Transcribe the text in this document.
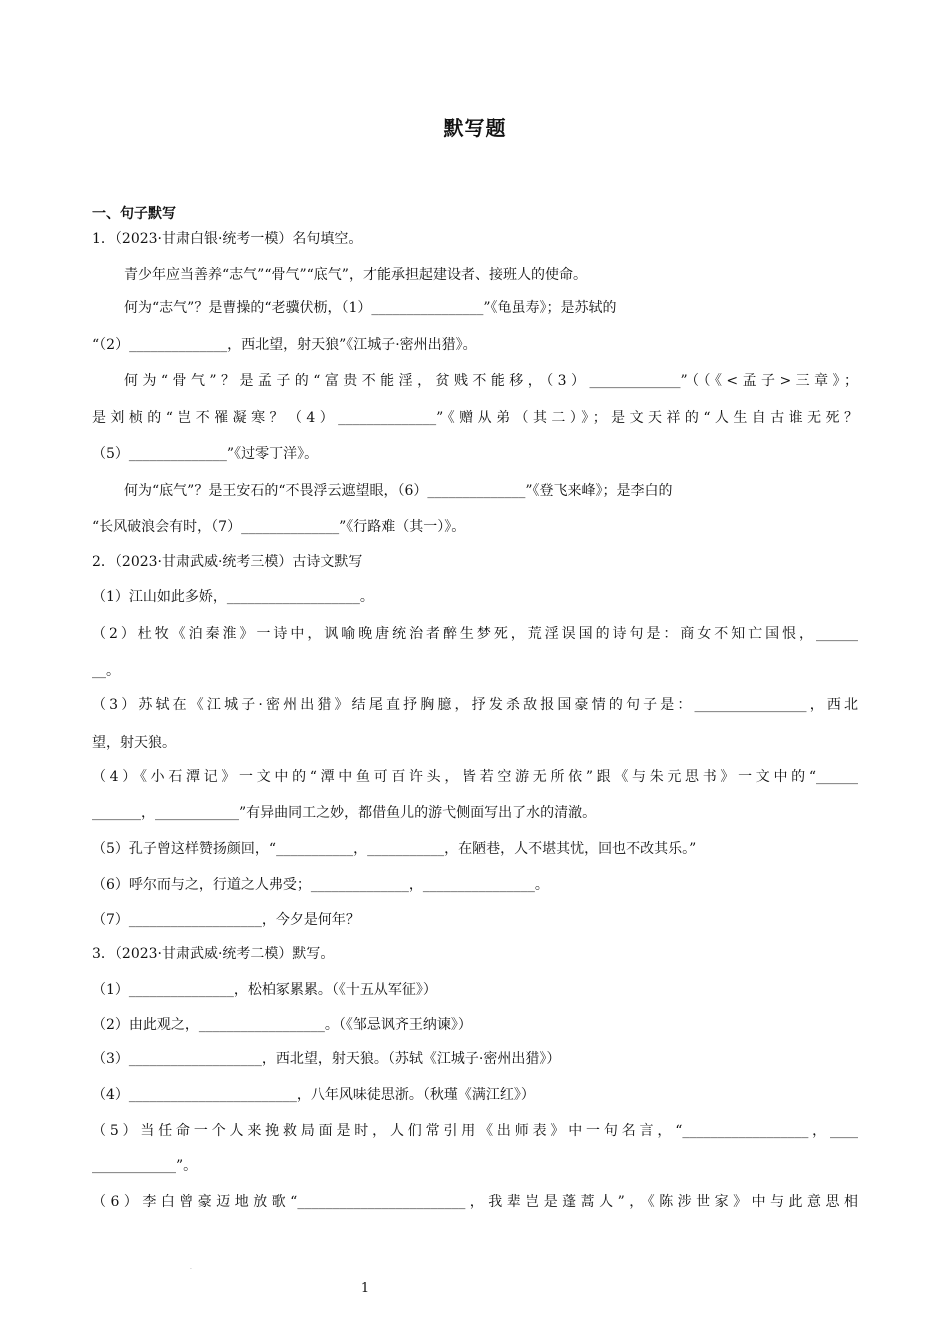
默写题
一、句子默写
1．（2023·甘肃白银·统考一模）名句填空。
青少年应当善养“志气”“骨气”“底气”，才能承担起建设者、接班人的使命。
何为“志气”？是曹操的“老骥伏枥，（1）________________”《龟虽寿》；是苏轼的
“（2）______________，西北望，射天狼”《江城子·密州出猎》。
何为“骨气”？是孟子的“富贵不能淫，贫贱不能移，（3）_____________”（（《<孟子>三章》；
是刘桢的“岂不罹凝寒？（4）______________”《赠从弟（其二）》；是文天祥的“人生自古谁无死？
（5）______________”《过零丁洋》。
何为“底气”？是王安石的“不畏浮云遮望眼，（6）______________”《登飞来峰》；是李白的
“长风破浪会有时，（7）______________”《行路难（其一）》。
2．（2023·甘肃武威·统考三模）古诗文默写
（1）江山如此多娇，___________________。
（2）杜牧《泊秦淮》一诗中，讽喻晚唐统治者醉生梦死，荒淫误国的诗句是：商女不知亡国恨，______
__。
（3）苏轼在《江城子·密州出猎》结尾直抒胸臆，抒发杀敌报国豪情的句子是：________________，西北
望，射天狼。
（4）《小石潭记》一文中的“潭中鱼可百许头，皆若空游无所依”跟《与朱元思书》一文中的“______
_______，____________”有异曲同工之妙，都借鱼儿的游弋侧面写出了水的清澈。
（5）孔子曾这样赞扬颜回，“___________，___________，在陋巷，人不堪其忧，回也不改其乐。”
（6）呼尔而与之，行道之人弗受；______________，________________。
（7）___________________，今夕是何年？
3．（2023·甘肃武威·统考二模）默写。
（1）_______________，松柏冢累累。（《十五从军征》）
（2）由此观之，__________________。（《邹忌讽齐王纳谏》）
（3）___________________，西北望，射天狼。（苏轼《江城子·密州出猎》）
（4）________________________，八年风味徒思浙。（秋瑾《满江红》）
（5）当任命一个人来挽救局面是时，人们常引用《出师表》中一句名言，“__________________，____
____________”。
（6）李白曾豪迈地放歌“________________________，我辈岂是蓬蒿人”，《陈涉世家》中与此意思相
·
1
